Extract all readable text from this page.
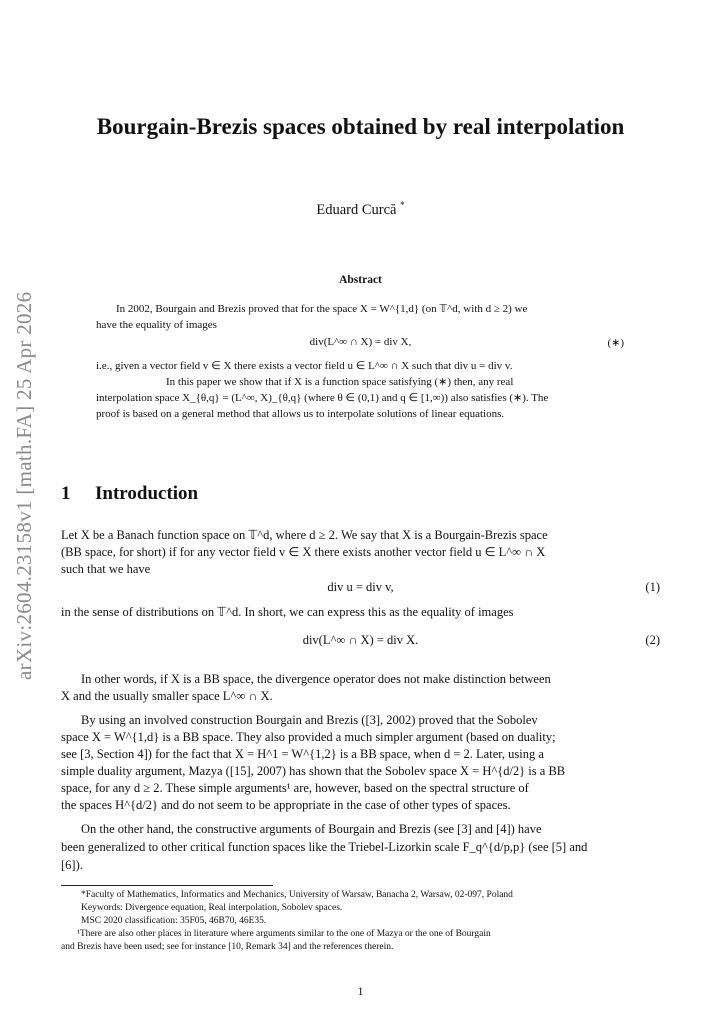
arXiv:2604.23158v1 [math.FA] 25 Apr 2026
Bourgain-Brezis spaces obtained by real interpolation
Eduard Curcă *
Abstract
In 2002, Bourgain and Brezis proved that for the space X = W^{1,d} (on 𝕋^d, with d ≥ 2) we
have the equality of images
div(L^∞ ∩ X) = div X,	(∗)
i.e., given a vector field v ∈ X there exists a vector field u ∈ L^∞ ∩ X such that div u = div v.
In this paper we show that if X is a function space satisfying (∗) then, any real
interpolation space X_{θ,q} = (L^∞, X)_{θ,q} (where θ ∈ (0,1) and q ∈ [1,∞)) also satisfies (∗). The
proof is based on a general method that allows us to interpolate solutions of linear equations.
1 Introduction
Let X be a Banach function space on 𝕋^d, where d ≥ 2. We say that X is a Bourgain-Brezis space
(BB space, for short) if for any vector field v ∈ X there exists another vector field u ∈ L^∞ ∩ X
such that we have
div u = div v,	(1)
in the sense of distributions on 𝕋^d. In short, we can express this as the equality of images
div(L^∞ ∩ X) = div X.	(2)
In other words, if X is a BB space, the divergence operator does not make distinction between
X and the usually smaller space L^∞ ∩ X.
By using an involved construction Bourgain and Brezis ([3], 2002) proved that the Sobolev
space X = W^{1,d} is a BB space. They also provided a much simpler argument (based on duality;
see [3, Section 4]) for the fact that X = H^1 = W^{1,2} is a BB space, when d = 2. Later, using a
simple duality argument, Mazya ([15], 2007) has shown that the Sobolev space X = H^{d/2} is a BB
space, for any d ≥ 2. These simple arguments¹ are, however, based on the spectral structure of
the spaces H^{d/2} and do not seem to be appropriate in the case of other types of spaces.
On the other hand, the constructive arguments of Bourgain and Brezis (see [3] and [4]) have
been generalized to other critical function spaces like the Triebel-Lizorkin scale F_q^{d/p,p} (see [5] and
[6]).
*Faculty of Mathematics, Informatics and Mechanics, University of Warsaw, Banacha 2, Warsaw, 02-097, Poland
Keywords: Divergence equation, Real interpolation, Sobolev spaces.
MSC 2020 classification: 35F05, 46B70, 46E35.
¹There are also other places in literature where arguments similar to the one of Mazya or the one of Bourgain
and Brezis have been used; see for instance [10, Remark 34] and the references therein.
1
